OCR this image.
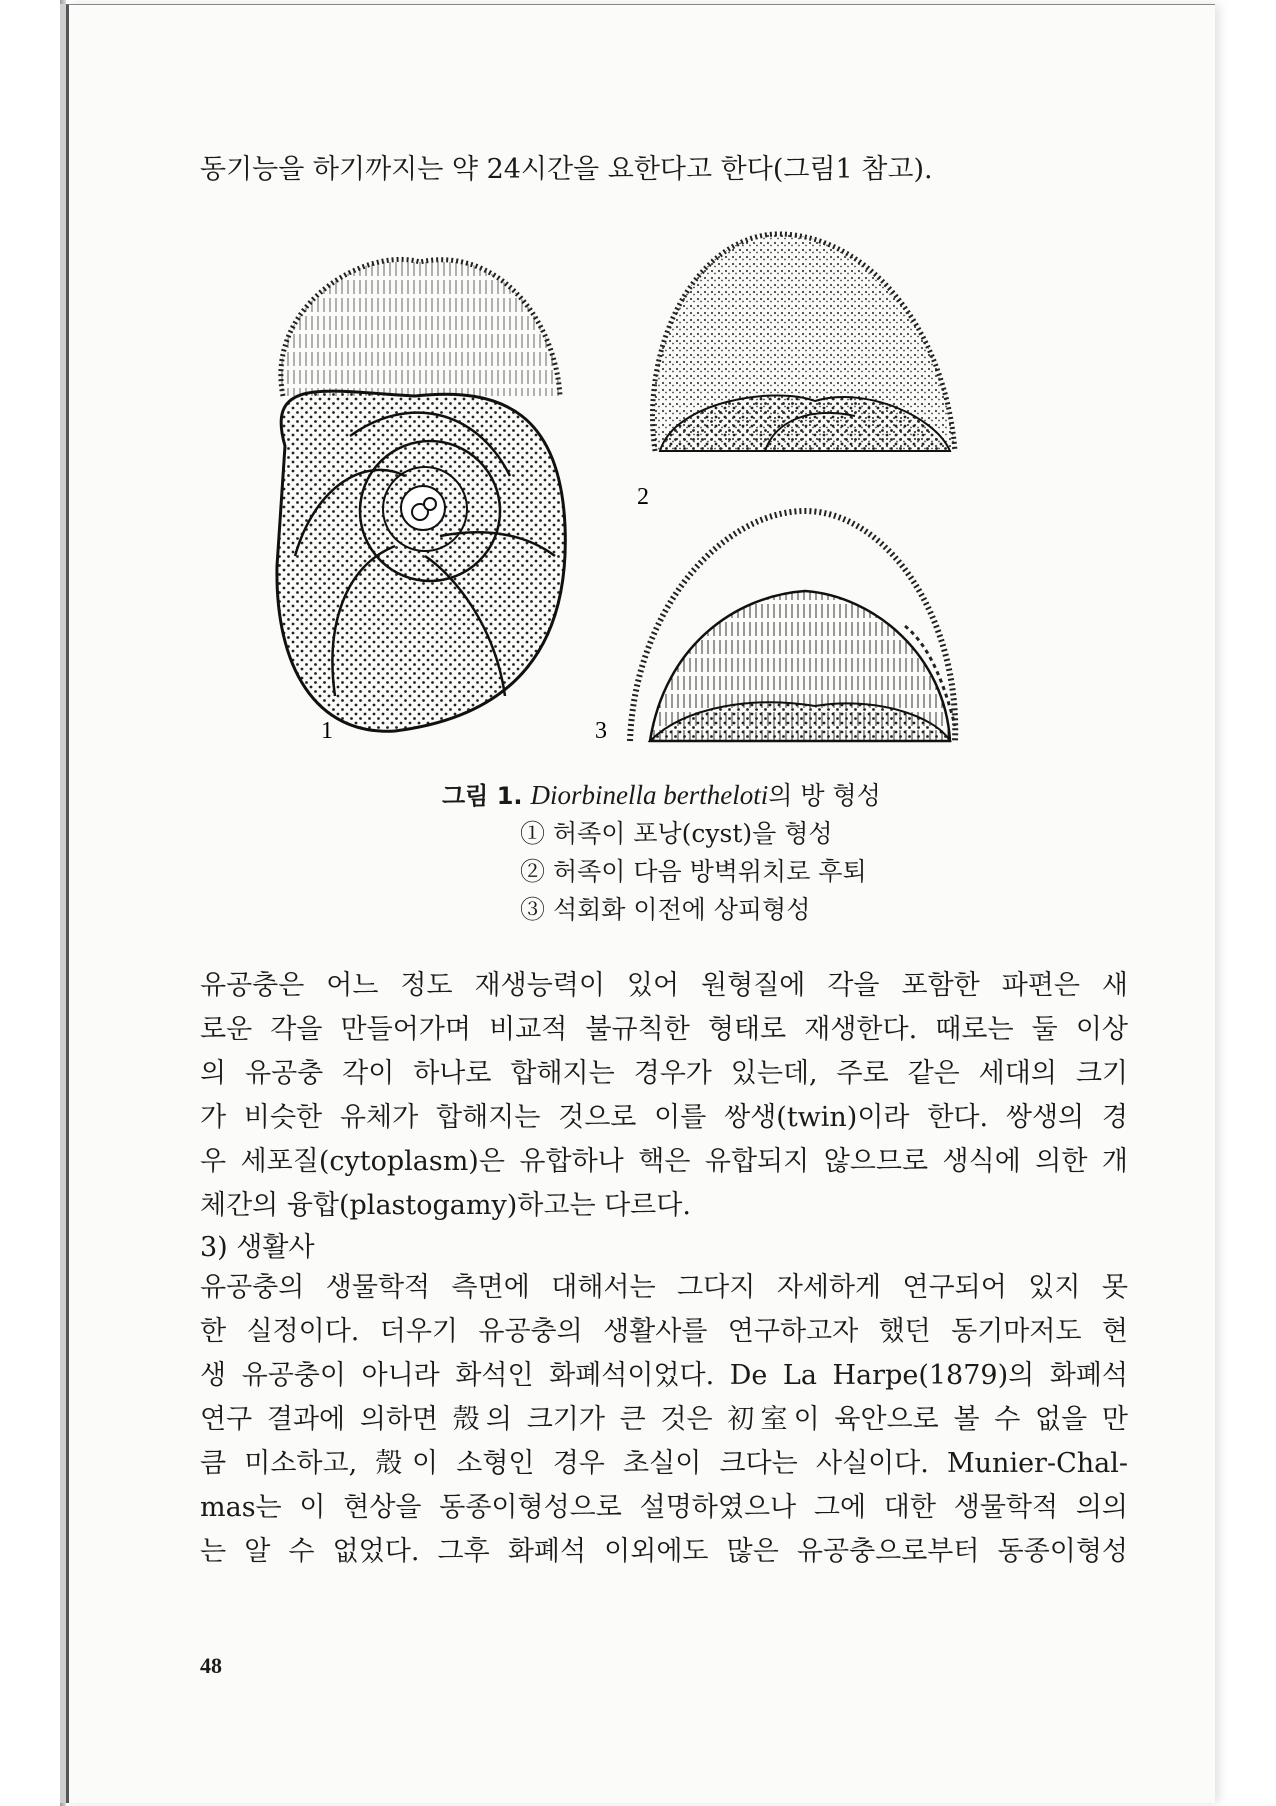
동기능을 하기까지는 약 24시간을 요한다고 한다(그림1 참고).
1
2
3
그림 1. Diorbinella bertheloti의 방 형성
① 허족이 포낭(cyst)을 형성
② 허족이 다음 방벽위치로 후퇴
③ 석회화 이전에 상피형성
유공충은 어느 정도 재생능력이 있어 원형질에 각을 포함한 파편은 새
로운 각을 만들어가며 비교적 불규칙한 형태로 재생한다. 때로는 둘 이상
의 유공충 각이 하나로 합해지는 경우가 있는데, 주로 같은 세대의 크기
가 비슷한 유체가 합해지는 것으로 이를 쌍생(twin)이라 한다. 쌍생의 경
우 세포질(cytoplasm)은 유합하나 핵은 유합되지 않으므로 생식에 의한 개
체간의 융합(plastogamy)하고는 다르다.
3) 생활사
유공충의 생물학적 측면에 대해서는 그다지 자세하게 연구되어 있지 못
한 실정이다. 더우기 유공충의 생활사를 연구하고자 했던 동기마저도 현
생 유공충이 아니라 화석인 화폐석이었다. De La Harpe(1879)의 화폐석
연구 결과에 의하면 殼의 크기가 큰 것은 初室이 육안으로 볼 수 없을 만
큼 미소하고, 殼이 소형인 경우 초실이 크다는 사실이다. Munier-Chal-
mas는 이 현상을 동종이형성으로 설명하였으나 그에 대한 생물학적 의의
는 알 수 없었다. 그후 화폐석 이외에도 많은 유공충으로부터 동종이형성
48
